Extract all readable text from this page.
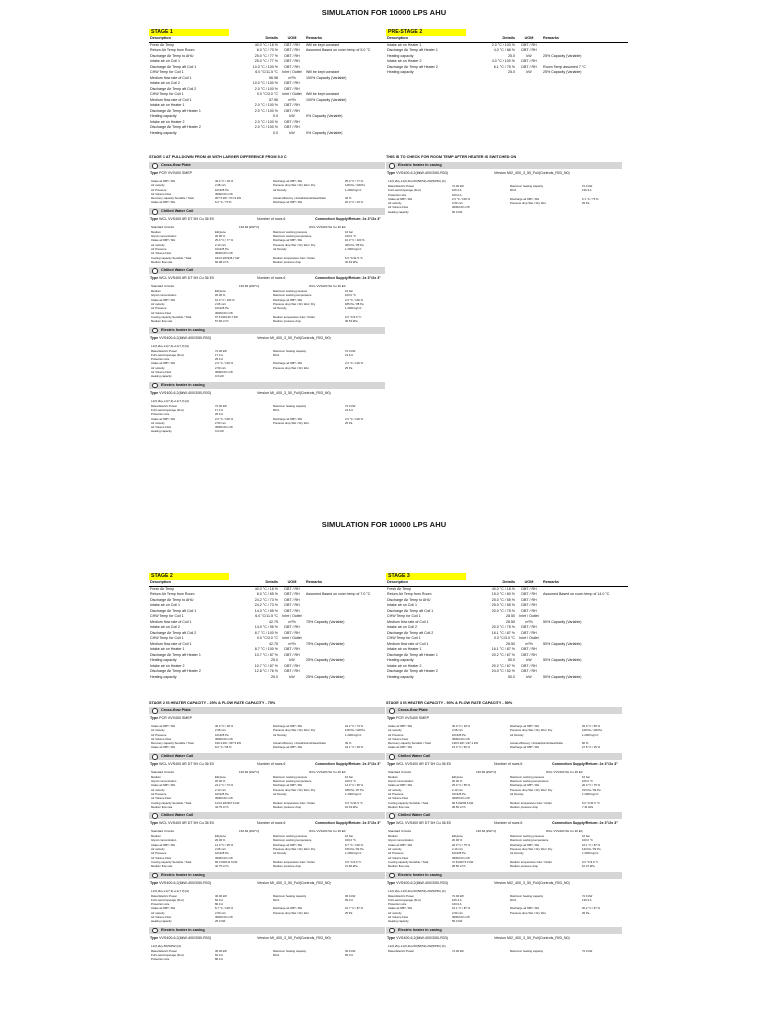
SIMULATION FOR 10000 LPS AHU
STAGE 1
Description	Details	UOM	Remarks
Fresh Air Temp	40.0 °C / 18 %	DBT / RH	Will be kept constant
Return Air Temp from Room	6.0 °C / 70 %	DBT / RH	Assumed Based on room temp of 5.0 °C
Discharge Air Temp to AHU	25.0 °C / 77 %	DBT / RH	
Intake air on Coil 1	25.0 °C / 77 %	DBT / RH	
Discharge Air Temp aft Coil 1	10.0 °C / 100 %	DBT / RH	
CHW Temp for Coil 1	6.0 °C/11.5 °C	Inlet / Outlet	Will be kept constant
Medium flow rate of Coil 1	56.98	m³/h	100% Capacity (Variable)
Intake air on Coil 2	10.0 °C / 100 %	DBT / RH	
Discharge Air Temp aft Coil 2	2.0 °C / 100 %	DBT / RH	
CHW Temp for Coil 1	0.0 °C/3.0 °C	Inlet / Outlet	Will be kept constant
Medium flow rate of Coil 1	57.96	m³/h	100% Capacity (Variable)
Intake air on Heater 1	2.0 °C / 100 %	DBT / RH	
Discharge Air Temp aft Heater 1	2.0 °C / 100 %	DBT / RH	
Heating capacity	0.0	kW	0% Capacity (Variable)
Intake air on Heater 2	2.0 °C / 100 %	DBT / RH	
Discharge Air Temp aft Heater 2	2.0 °C / 100 %	DBT / RH	
Heating capacity	0.0	kW	0% Capacity (Variable)
PRE-STAGE 2
Description	Details	UOM	Remarks
Intake air on Heater 1	2.0 °C / 100 %	DBT / RH	
Discharge Air Temp aft Heater 1	4.0 °C / 88 %	DBT / RH	
Heating capacity	25.0	kW	25% Capacity (Variable)
Intake air on Heater 2	4.0 °C / 100 %	DBT / RH	
Discharge Air Temp aft Heater 2	6.1 °C / 75 %	DBT / RH	Room Temp assumed 7 °C
Heating capacity	25.0	kW	25% Capacity (Variable)
STAGE 1 AT PULLDOWN FROM 40 WITH LARGER DIFFERENCE FROM 5.0 C	THIS IS TO CHECK FOR ROOM TEMP AFTER HEATER IS SWITCHED ON
Cross-flow Plate
Type PCR VVS400 SMEP
Intake air DBT / RH	40.0 °C / 18 %	Discharge air DBT / RH	25.0 °C / 77 %
Air velocity	2.08 m/s	Pressure drop Wet / Dry Wet / Dry	128 Pa / 118 Pa
Air Pressure	101325 Pa	Air Density	1.2000 kg/m³
Air Volume Flow	36000.00 m³/h
Recovery capacity Sensible / Total	207.5 kW / 371.9 kW	Actual efficiency / Actual/Humid/Heat Ratio	46 %
Intake air DBT / RH	6.0 °C / 70 %	Discharge air DBT / RH	20.0 °C / 33 %
Chilled Water Coil
Type WCL VVS400 6R DT 5H Cu 36 E0	Number of rows 6	Connection Supply/Return: 2x 3"/2x 3"
Standard Circuits	136.84 [kW/°C]	WCL VVS400 5H Cu 36 E0
Medium	Ethylene	Maximum working pressure	16 bar
Glycol concentration	20.00 %	Maximum working temperature	100.0 °C
Intake air DBT / RH	25.0 °C / 77 %	Discharge air DBT / RH	10.0 °C / 100 %
Air velocity	2.10 m/s	Pressure drop Wet / Dry Wet / Dry	206 Pa / 85 Pa
Air Pressure	101325 Pa	Air Density	1.2000 kg/m³
Air Volume Flow	36000.00 m³/h
Cooling capacity Sensible / Total	184.0 kW/346.7 kW	Medium temperature Inlet / Outlet	6.0 °C/11.5 °C
Medium flow rate	56.98 m³/h	Medium pressure drop	32.64 kPa
Chilled Water Coil
Type WCL VVS400 6R DT 5H Cu 36 E0	Number of rows 6	Connection Supply/Return: 2x 3"/2x 3"
Standard Circuits	136.84 [kW/°C]	WCL VVS400 5H Cu 36 E0
Medium	Ethylene	Maximum working pressure	16 bar
Glycol concentration	20.00 %	Maximum working temperature	100.0 °C
Intake air DBT / RH	10.0 °C / 100 %	Discharge air DBT / RH	2.0 °C / 100 %
Air velocity	2.06 m/s	Pressure drop Wet / Dry Wet / Dry	185 Pa / 88 Pa
Air Pressure	101325 Pa	Air Density	1.2000 kg/m³
Air Volume Flow	36000.00 m³/h
Cooling capacity Sensible / Total	97.5 kW/145.7 kW	Medium temperature Inlet / Outlet	0.0 °C/3.0 °C
Medium flow rate	57.96 m³/h	Medium pressure drop	36.53 kPa
Electric heater in casing
Type VVS400-6,2(8kW-400/3/50-R03)	Version MI_400_3_50_Full(Controls_R03_N0)
L1(6,2k)+L1(7,3)+L1(7,3) [A]
Rated Electric Power	72.00 kW	Maximum heating capacity	72.0 kW
Full Load Amperage (FLA)	17.3 A	MCA	21.6 A
Protection size	25.0 A
Intake air DBT / RH	2.0 °C / 100 %	Discharge air DBT / RH	2.0 °C / 100 %
Air velocity	2.50 m/s	Pressure drop Wet / Dry Wet	25 Pa
Air Volume Flow	36000.00 m³/h
Heating capacity	0.0 kW
Electric heater in casing
Type VVS400-6,2(8kW-400/3/50-R03)	Version MI_400_3_50_Full(Controls_R03_N0)
L1(6,2k)+L1(7,3)+L1(7,3) [A]
Rated Electric Power	72.00 kW	Maximum heating capacity	72.0 kW
Full Load Amperage (FLA)	17.3 A	MCA	21.6 A
Protection size	25.0 A
Intake air DBT / RH	2.0 °C / 100 %	Discharge air DBT / RH	2.0 °C / 100 %
Air velocity	2.50 m/s	Pressure drop Wet / Dry Wet	25 Pa
Air Volume Flow	36000.00 m³/h
Heating capacity	0.0 kW
Electric heater in casing
Type VVS400-6,2(8kW-400/3/50-R03)	Version MI2_400_3_50_Full(Controls_R03_N0)
L1(6,2k)+L1(6,2k)+50(50/52)+50(50/52) [A]
Rated Electric Power	72.00 kW	Maximum heating capacity	72.0 kW
Full Load Amperage (FLA)	106.3 A	MCA	130.3 A
Protection size	160.0 A
Intake air DBT / RH	2.0 °C / 100 %	Discharge air DBT / RH	6.1 °C / 75 %
Air velocity	2.50 m/s	Pressure drop Wet / Dry Wet	25 Pa
Air Volume Flow	36000.00 m³/h
Heating capacity	50.0 kW
SIMULATION FOR 10000 LPS AHU
STAGE 2
Description	Details	UOM	Remarks
Fresh Air Temp	40.0 °C / 18 %	DBT / RH	
Return Air Temp from Room	8.0 °C / 65 %	DBT / RH	Assumed Based on room temp of 7.0 °C
Discharge Air Temp to AHU	24.2 °C / 73 %	DBT / RH	
Intake air on Coil 1	24.2 °C / 73 %	DBT / RH	
Discharge Air Temp aft Coil 1	14.0 °C / 95 %	DBT / RH	
CHW Temp for Coil 1	6.0 °C/11.5 °C	Inlet / Outlet	
Medium flow rate of Coil 1	42.75	m³/h	75% Capacity (Variable)
Intake air on Coil 2	14.0 °C / 95 %	DBT / RH	
Discharge Air Temp aft Coil 2	8.7 °C / 100 %	DBT / RH	
CHW Temp for Coil 1	0.0 °C/3.0 °C	Inlet / Outlet	
Medium flow rate of Coil 1	42.75	m³/h	75% Capacity (Variable)
Intake air on Heater 1	8.7 °C / 100 %	DBT / RH	
Discharge Air Temp aft Heater 1	10.7 °C / 87 %	DBT / RH	
Heating capacity	25.0	kW	25% Capacity (Variable)
Intake air on Heater 2	10.7 °C / 87 %	DBT / RH	
Discharge Air Temp aft Heater 2	12.8 °C / 76 %	DBT / RH	
Heating capacity	25.0	kW	25% Capacity (Variable)
STAGE 3
Description	Details	UOM	Remarks
Fresh Air Temp	40.0 °C / 18 %	DBT / RH	
Return Air Temp from Room	15.0 °C / 60 %	DBT / RH	Assumed Based on room temp of 14.0 °C
Discharge Air Temp to AHU	25.0 °C / 55 %	DBT / RH	
Intake air on Coil 1	25.0 °C / 55 %	DBT / RH	
Discharge Air Temp aft Coil 1	20.0 °C / 75 %	DBT / RH	
CHW Temp for Coil 1	28.50	Inlet / Outlet	
Medium flow rate of Coil 1	28.50	m³/h	50% Capacity (Variable)
Intake air on Coil 2	20.0 °C / 75 %	DBT / RH	
Discharge Air Temp aft Coil 2	16.1 °C / 87 %	DBT / RH	
CHW Temp for Coil 1	0.0 °C/3.0 °C	Inlet / Outlet	
Medium flow rate of Coil 1	28.50	m³/h	50% Capacity (Variable)
Intake air on Heater 1	16.1 °C / 87 %	DBT / RH	
Discharge Air Temp aft Heater 1	20.2 °C / 67 %	DBT / RH	
Heating capacity	50.0	kW	50% Capacity (Variable)
Intake air on Heater 2	20.2 °C / 67 %	DBT / RH	
Discharge Air Temp aft Heater 2	24.0 °C / 52 %	DBT / RH	
Heating capacity	50.0	kW	50% Capacity (Variable)
STAGE 2 IS HEATER CAPACITY - 25% & FLOW RATE CAPACITY - 75%	STAGE 3 IS HEATER CAPACITY - 50% & FLOW RATE CAPACITY - 50%
Cross-flow Plate
Type PCR VVS400 SMEP
Intake air DBT / RH	40.0 °C / 18 %	Discharge air DBT / RH	24.2 °C / 73 %
Air velocity	2.08 m/s	Pressure drop Wet / Dry Wet / Dry	128 Pa / 118 Pa
Air Pressure	101325 Pa	Air Density	1.2000 kg/m³
Air Volume Flow	36000.00 m³/h
Recovery capacity Sensible / Total	190.3 kW / 337.5 kW	Actual efficiency / Actual/Humid/Heat Ratio	49 %
Intake air DBT / RH	8.0 °C / 65 %	Discharge air DBT / RH	24.1 °C / 29 %
Chilled Water Coil
Type WCL VVS400 6R DT 5H Cu 36 E0	Number of rows 6	Connection Supply/Return: 2x 3"/2x 3"
Standard Circuits	136.84 [kW/°C]	WCL VVS400 5H Cu 36 E0
Medium	Ethylene	Maximum working pressure	16 bar
Glycol concentration	20.00 %	Maximum working temperature	100.0 °C
Intake air DBT / RH	24.2 °C / 73 %	Discharge air DBT / RH	14.0 °C / 95 %
Air velocity	2.10 m/s	Pressure drop Wet / Dry Wet / Dry	188 Pa / 87 Pa
Air Pressure	101325 Pa	Air Density	1.2000 kg/m³
Air Volume Flow	36000.00 m³/h
Cooling capacity Sensible / Total	124.0 kW/267.6 kW	Medium temperature Inlet / Outlet	6.0 °C/11.5 °C
Medium flow rate	42.75 m³/h	Medium pressure drop	16.43 kPa
Chilled Water Coil
Type WCL VVS400 6R DT 5H Cu 36 E0	Number of rows 6	Connection Supply/Return: 2x 3"/2x 3"
Standard Circuits	136.84 [kW/°C]	WCL VVS400 5H Cu 36 E0
Medium	Ethylene	Maximum working pressure	16 bar
Glycol concentration	20.00 %	Maximum working temperature	100.0 °C
Intake air DBT / RH	14.0 °C / 95 %	Discharge air DBT / RH	8.7 °C / 100 %
Air velocity	2.06 m/s	Pressure drop Wet / Dry Wet / Dry	166 Pa / 82 Pa
Air Pressure	101325 Pa	Air Density	1.2000 kg/m³
Air Volume Flow	36000.00 m³/h
Cooling capacity Sensible / Total	65.3 kW/111.9 kW	Medium temperature Inlet / Outlet	0.0 °C/3.0 °C
Medium flow rate	42.75 m³/h	Medium pressure drop	21.66 kPa
Electric heater in casing
Type VVS400-6,2(8kW-400/3/50-R03)	Version MI_400_3_50_Full(Controls_R03_N0)
L1(6,2k)+L1(7,3)+L1(7,3) [A]
Rated Electric Power	36.00 kW	Maximum heating capacity	36.0 kW
Full Load Amperage (FLA)	52.0 A	MCA	65.0 A
Protection size	80.0 A
Intake air DBT / RH	8.7 °C / 100 %	Discharge air DBT / RH	10.7 °C / 87 %
Air velocity	2.50 m/s	Pressure drop Wet / Dry Wet	25 Pa
Air Volume Flow	36000.00 m³/h
Heating capacity	25.0 kW
Electric heater in casing
Type VVS400-6,2(8kW-400/3/50-R03)	Version MI_400_3_50_Full(Controls_R03_N0)
L1(6,2k)+50(50/52) [A]
Rated Electric Power	36.00 kW	Maximum heating capacity	36.0 kW
Full Load Amperage (FLA)	52.0 A	MCA	65.0 A
Protection size	80.0 A
Cross-flow Plate
Type PCR VVS400 SMEP
Intake air DBT / RH	40.0 °C / 18 %	Discharge air DBT / RH	25.0 °C / 55 %
Air velocity	2.08 m/s	Pressure drop Wet / Dry Wet / Dry	128 Pa / 118 Pa
Air Pressure	101325 Pa	Air Density	1.2000 kg/m³
Air Volume Flow	36000.00 m³/h
Recovery capacity Sensible / Total	148.0 kW / 247.1 kW	Actual efficiency / Actual/Humid/Heat Ratio	60 %
Intake air DBT / RH	15.0 °C / 60 %	Discharge air DBT / RH	27.8 °C / 25 %
Chilled Water Coil
Type WCL VVS400 6R DT 5H Cu 36 E0	Number of rows 6	Connection Supply/Return: 2x 3"/2x 3"
Standard Circuits	136.84 [kW/°C]	WCL VVS400 5H Cu 36 E0
Medium	Ethylene	Maximum working pressure	16 bar
Glycol concentration	20.00 %	Maximum working temperature	100.0 °C
Intake air DBT / RH	25.0 °C / 55 %	Discharge air DBT / RH	20.0 °C / 75 %
Air velocity	2.10 m/s	Pressure drop Wet / Dry Wet / Dry	153 Pa / 84 Pa
Air Pressure	101325 Pa	Air Density	1.2000 kg/m³
Air Volume Flow	36000.00 m³/h
Cooling capacity Sensible / Total	60.5 kW/96.6 kW	Medium temperature Inlet / Outlet	6.0 °C/11.5 °C
Medium flow rate	28.50 m³/h	Medium pressure drop	7.41 kPa
Chilled Water Coil
Type WCL VVS400 6R DT 5H Cu 36 E0	Number of rows 6	Connection Supply/Return: 2x 3"/2x 3"
Standard Circuits	136.84 [kW/°C]	WCL VVS400 5H Cu 36 E0
Medium	Ethylene	Maximum working pressure	16 bar
Glycol concentration	20.00 %	Maximum working temperature	100.0 °C
Intake air DBT / RH	20.0 °C / 75 %	Discharge air DBT / RH	16.1 °C / 87 %
Air velocity	2.10 m/s	Pressure drop Wet / Dry Wet / Dry	140 Pa / 82 Pa
Air Pressure	101325 Pa	Air Density	1.2000 kg/m³
Air Volume Flow	36000.00 m³/h
Cooling capacity Sensible / Total	47.8 kW/74.3 kW	Medium temperature Inlet / Outlet	0.0 °C/3.0 °C
Medium flow rate	28.50 m³/h	Medium pressure drop	10.37 kPa
Electric heater in casing
Type VVS400-6,2(8kW-400/3/50-R03)	Version MI2_400_3_50_Full(Controls_R03_N0)
L1(6,2k)+L1(6,2k)+50(50/52)+50(50/52) [A]
Rated Electric Power	72.00 kW	Maximum heating capacity	72.0 kW
Full Load Amperage (FLA)	106.3 A	MCA	130.3 A
Protection size	160.0 A
Intake air DBT / RH	16.1 °C / 87 %	Discharge air DBT / RH	20.2 °C / 67 %
Air velocity	2.50 m/s	Pressure drop Wet / Dry Wet	25 Pa
Air Volume Flow	36000.00 m³/h
Heating capacity	50.0 kW
Electric heater in casing
Type VVS400-6,2(8kW-400/3/50-R03)	Version MI2_400_3_50_Full(Controls_R03_N0)
L1(6,2k)+L1(6,2k)+50(50/52)+50(50/52) [A]
Rated Electric Power	72.00 kW	Maximum heating capacity	72.0 kW
